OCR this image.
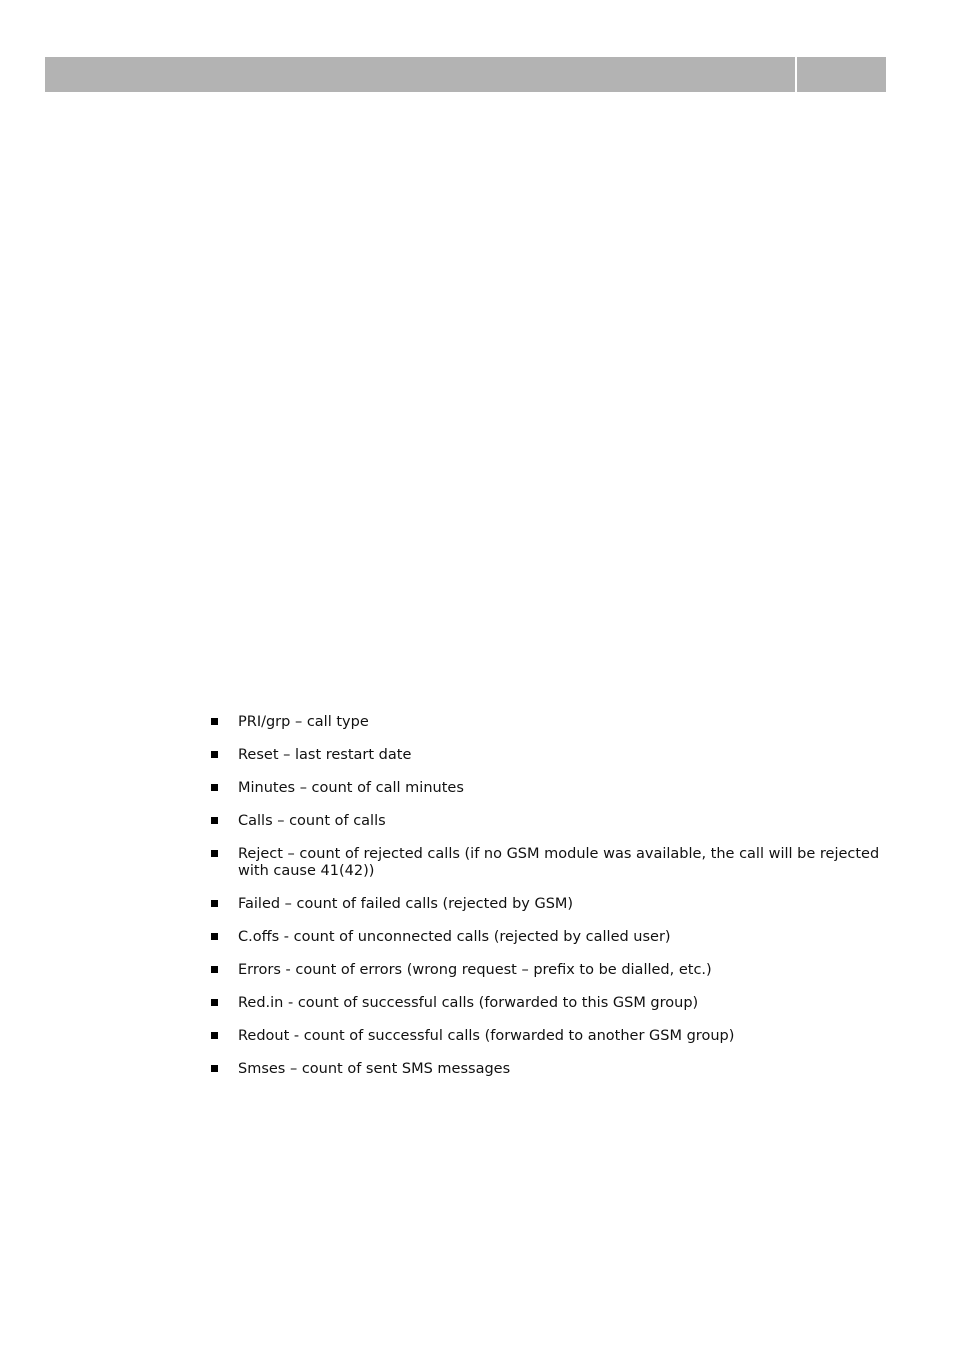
PRI/grp – call type
Reset – last restart date
Minutes – count of call minutes
Calls – count of calls
Reject – count of rejected calls (if no GSM module was available, the call will be rejected with cause 41(42))
Failed – count of failed calls (rejected by GSM)
C.offs - count of unconnected calls (rejected by called user)
Errors - count of errors (wrong request – prefix to be dialled, etc.)
Red.in - count of successful calls (forwarded to this GSM group)
Redout - count of successful calls (forwarded to another GSM group)
Smses – count of sent SMS messages
